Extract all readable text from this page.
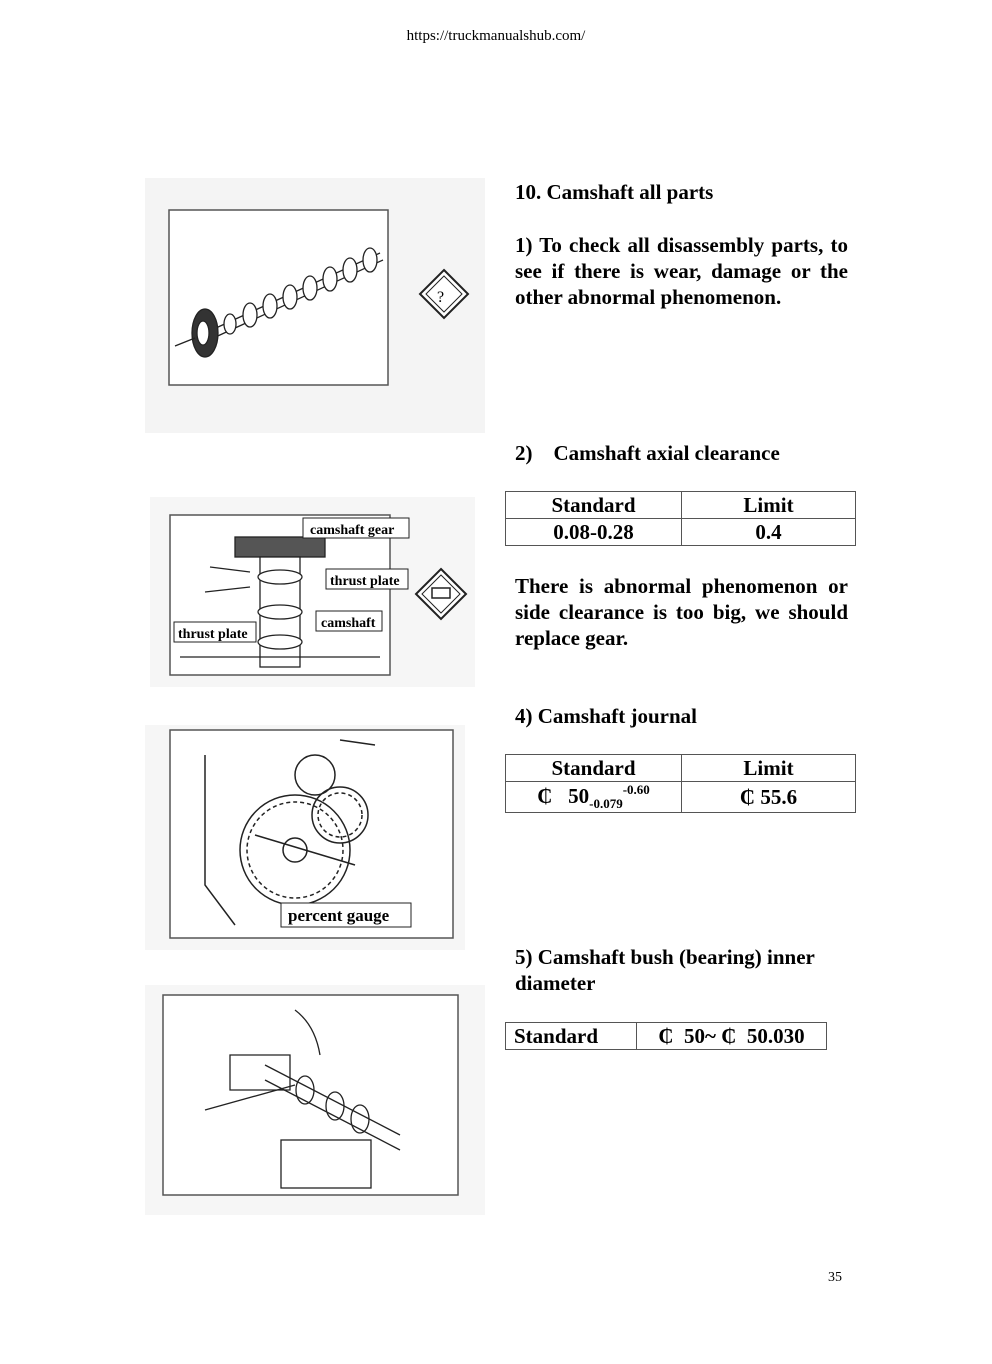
https://truckmanualshub.com/
?
camshaft gear
thrust plate
camshaft
thrust plate
percent gauge
10. Camshaft all parts
1) To check all disassembly parts, to see if there is wear, damage or the other abnormal phenomenon.
2)    Camshaft axial clearance
Standard	Limit
0.08-0.28	0.4
There is abnormal phenomenon or side clearance is too big, we should replace gear.
4) Camshaft journal
Standard	Limit
₵ $50_{-0.079}^{-0.60}$	₵ 55.6
5) Camshaft bush (bearing) inner diameter
Standard	₵  50~ ₵  50.030
35
